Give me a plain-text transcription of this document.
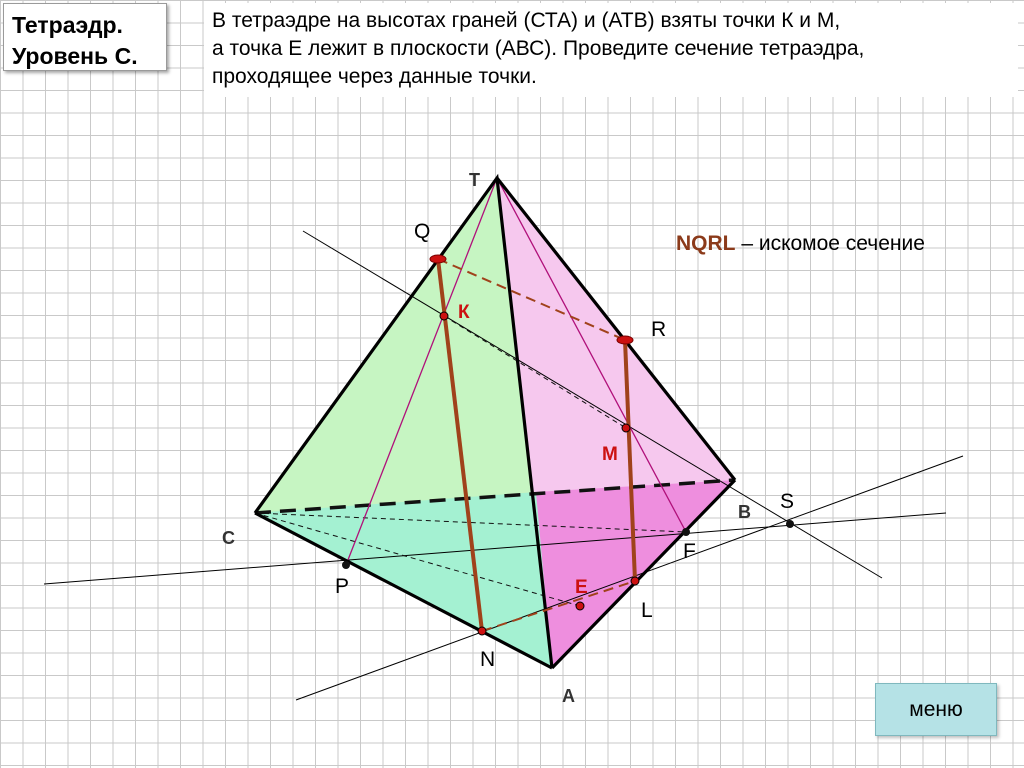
Тетраэдр.
Уровень С.
В тетраэдре на высотах граней (СТА) и (АТВ) взяты точки К и М,
а точка Е лежит в плоскости (АВС). Проведите сечение тетраэдра,
проходящее через данные точки.
T
C
B
A
Q
R
К
M
E
S
F
P
L
N
NQRL – искомое сечение
меню
